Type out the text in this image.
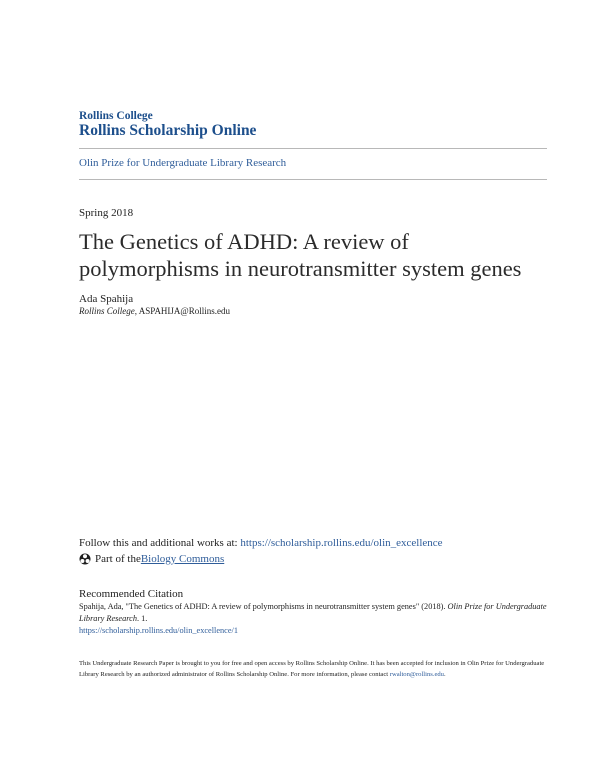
Rollins College
Rollins Scholarship Online
Olin Prize for Undergraduate Library Research
Spring 2018
The Genetics of ADHD: A review of polymorphisms in neurotransmitter system genes
Ada Spahija
Rollins College, ASPAHIJA@Rollins.edu
Follow this and additional works at: https://scholarship.rollins.edu/olin_excellence
Part of the Biology Commons
Recommended Citation
Spahija, Ada, "The Genetics of ADHD: A review of polymorphisms in neurotransmitter system genes" (2018). Olin Prize for Undergraduate Library Research. 1.
https://scholarship.rollins.edu/olin_excellence/1
This Undergraduate Research Paper is brought to you for free and open access by Rollins Scholarship Online. It has been accepted for inclusion in Olin Prize for Undergraduate Library Research by an authorized administrator of Rollins Scholarship Online. For more information, please contact rwalton@rollins.edu.
